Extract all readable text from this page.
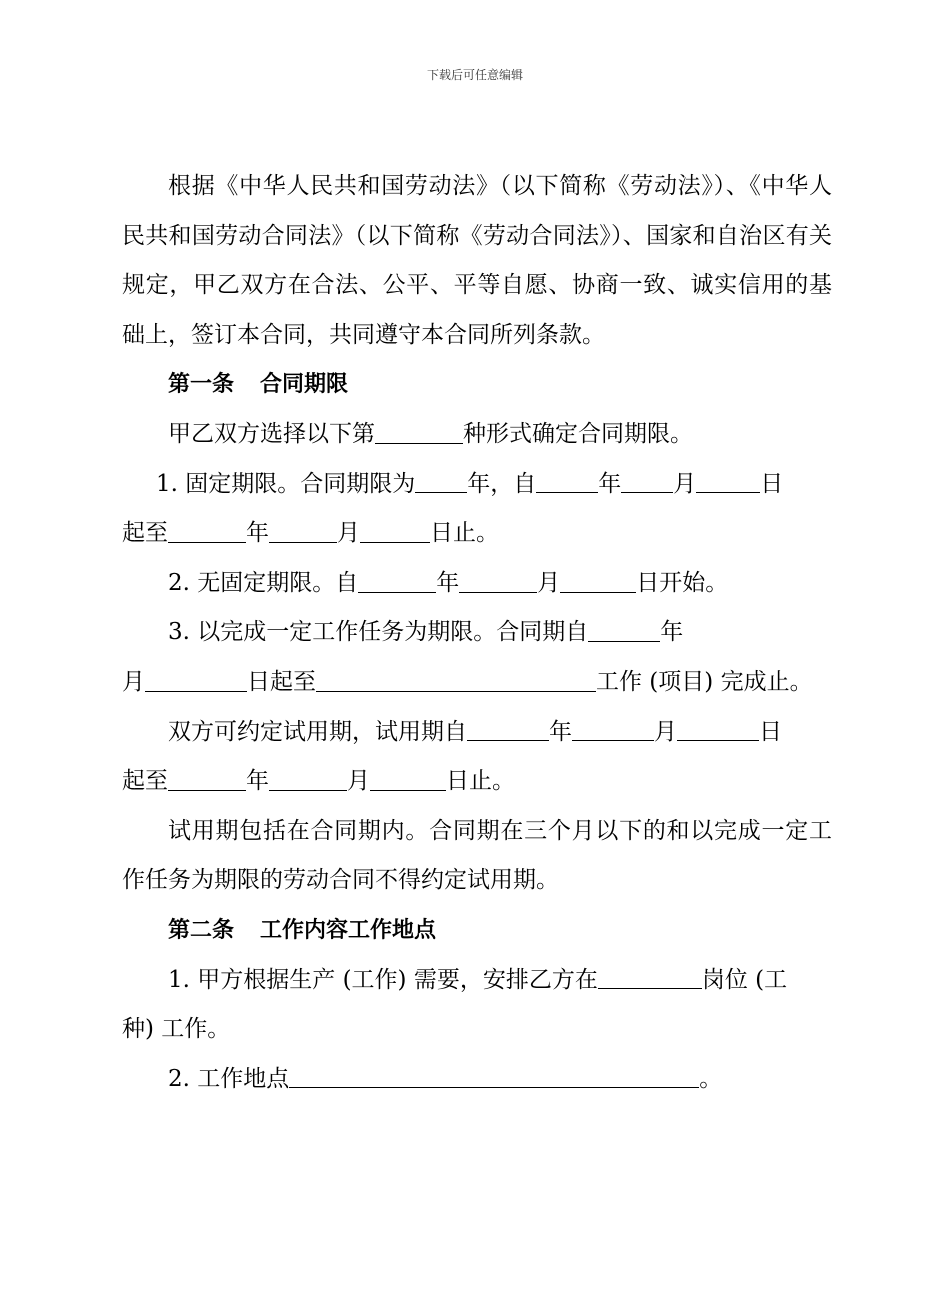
下载后可任意编辑

根据《中华人民共和国劳动法》（以下简称《劳动法》）、《中华人民共和国劳动合同法》（以下简称《劳动合同法》）、国家和自治区有关规定，甲乙双方在合法、公平、平等自愿、协商一致、诚实信用的基础上，签订本合同，共同遵守本合同所列条款。

第一条 合同期限

甲乙双方选择以下第	种形式确定合同期限。

1. 固定期限。合同期限为 年，自	年 月	日

起至	年	月	日止。

2. 无固定期限。自	年	月	日开始。

3. 以完成一定工作任务为期限。合同期自	年

月	日起至	工作 (项目) 完成止。

双方可约定试用期，试用期自	年	月	日

起至	年	月	日止。

试用期包括在合同期内。合同期在三个月以下的和以完成一定工作任务为期限的劳动合同不得约定试用期。

第二条 工作内容工作地点

1. 甲方根据生产 (工作) 需要，安排乙方在	岗位 (工

种) 工作。

2. 工作地点	。
